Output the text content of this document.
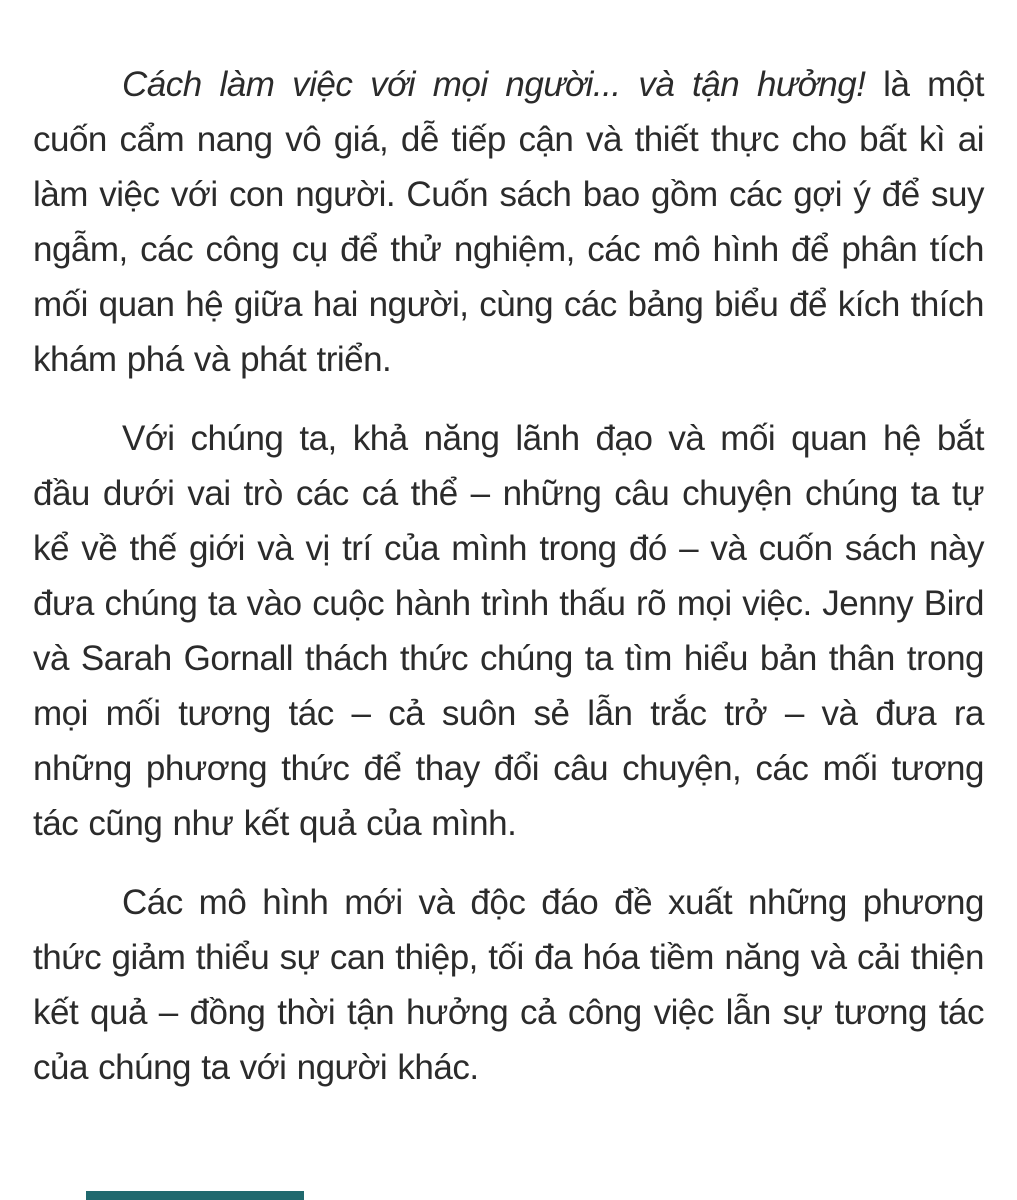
Cách làm việc với mọi người... và tận hưởng! là một cuốn cẩm nang vô giá, dễ tiếp cận và thiết thực cho bất kì ai làm việc với con người. Cuốn sách bao gồm các gợi ý để suy ngẫm, các công cụ để thử nghiệm, các mô hình để phân tích mối quan hệ giữa hai người, cùng các bảng biểu để kích thích khám phá và phát triển.

Với chúng ta, khả năng lãnh đạo và mối quan hệ bắt đầu dưới vai trò các cá thể – những câu chuyện chúng ta tự kể về thế giới và vị trí của mình trong đó – và cuốn sách này đưa chúng ta vào cuộc hành trình thấu rõ mọi việc. Jenny Bird và Sarah Gornall thách thức chúng ta tìm hiểu bản thân trong mọi mối tương tác – cả suôn sẻ lẫn trắc trở – và đưa ra những phương thức để thay đổi câu chuyện, các mối tương tác cũng như kết quả của mình.

Các mô hình mới và độc đáo đề xuất những phương thức giảm thiểu sự can thiệp, tối đa hóa tiềm năng và cải thiện kết quả – đồng thời tận hưởng cả công việc lẫn sự tương tác của chúng ta với người khác.
